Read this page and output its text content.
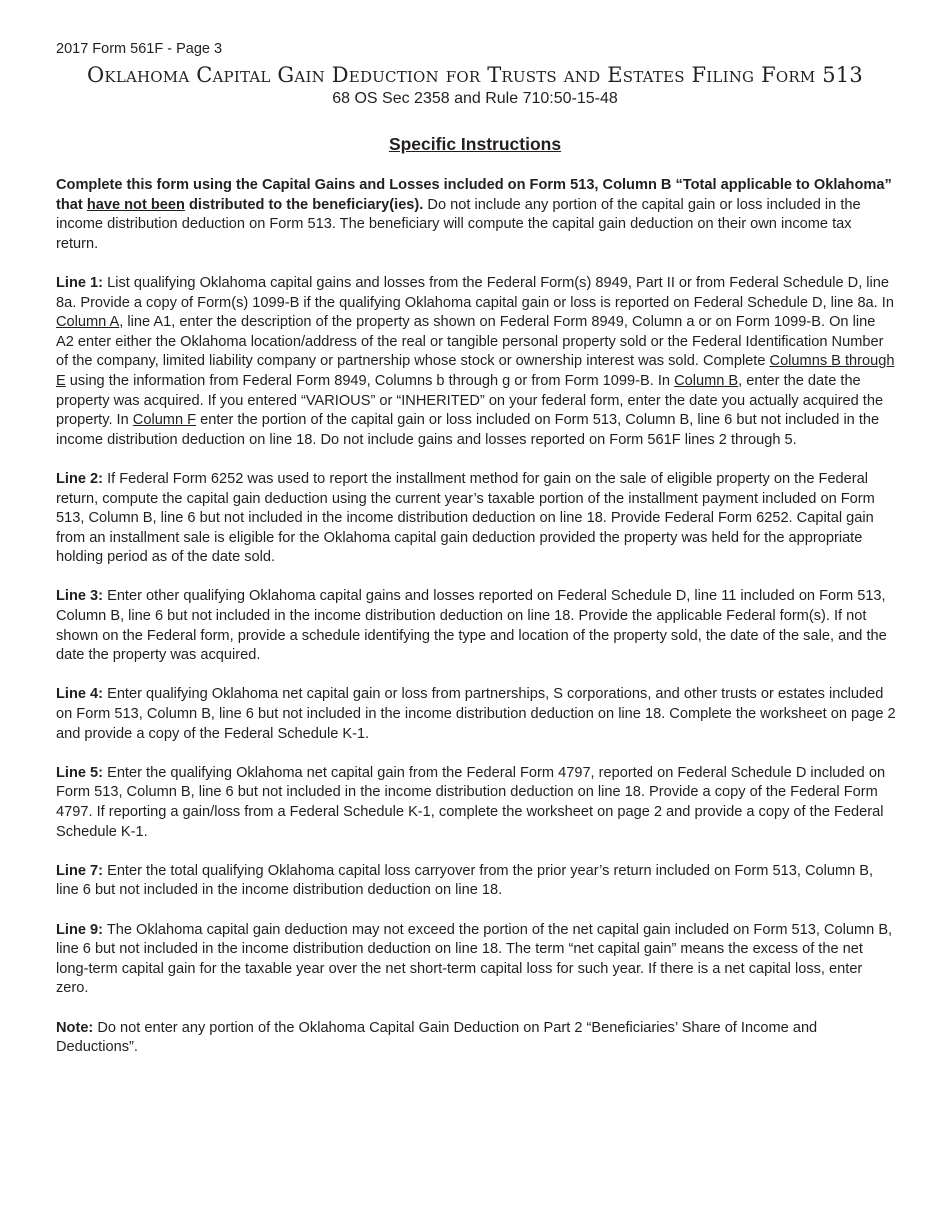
2017 Form 561F - Page 3
Oklahoma Capital Gain Deduction for Trusts and Estates Filing Form 513
68 OS Sec 2358 and Rule 710:50-15-48
Specific Instructions

Complete this form using the Capital Gains and Losses included on Form 513, Column B “Total applicable to Oklahoma” that have not been distributed to the beneficiary(ies). Do not include any portion of the capital gain or loss included in the income distribution deduction on Form 513. The beneficiary will compute the capital gain deduction on their own income tax return.

Line 1: List qualifying Oklahoma capital gains and losses from the Federal Form(s) 8949, Part II or from Federal Schedule D, line 8a. Provide a copy of Form(s) 1099-B if the qualifying Oklahoma capital gain or loss is reported on Federal Schedule D, line 8a. In Column A, line A1, enter the description of the property as shown on Federal Form 8949, Column a or on Form 1099-B. On line A2 enter either the Oklahoma location/address of the real or tangible personal property sold or the Federal Identification Number of the company, limited liability company or partnership whose stock or ownership interest was sold. Complete Columns B through E using the information from Federal Form 8949, Columns b through g or from Form 1099-B. In Column B, enter the date the property was acquired. If you entered “VARIOUS” or “INHERITED” on your federal form, enter the date you actually acquired the property. In Column F enter the portion of the capital gain or loss included on Form 513, Column B, line 6 but not included in the income distribution deduction on line 18. Do not include gains and losses reported on Form 561F lines 2 through 5.

Line 2: If Federal Form 6252 was used to report the installment method for gain on the sale of eligible property on the Federal return, compute the capital gain deduction using the current year’s taxable portion of the installment payment included on Form 513, Column B, line 6 but not included in the income distribution deduction on line 18. Provide Federal Form 6252. Capital gain from an installment sale is eligible for the Oklahoma capital gain deduction provided the property was held for the appropriate holding period as of the date sold.

Line 3: Enter other qualifying Oklahoma capital gains and losses reported on Federal Schedule D, line 11 included on Form 513, Column B, line 6 but not included in the income distribution deduction on line 18. Provide the applicable Federal form(s). If not shown on the Federal form, provide a schedule identifying the type and location of the property sold, the date of the sale, and the date the property was acquired.

Line 4: Enter qualifying Oklahoma net capital gain or loss from partnerships, S corporations, and other trusts or estates included on Form 513, Column B, line 6 but not included in the income distribution deduction on line 18. Complete the worksheet on page 2 and provide a copy of the Federal Schedule K-1.

Line 5: Enter the qualifying Oklahoma net capital gain from the Federal Form 4797, reported on Federal Schedule D included on Form 513, Column B, line 6 but not included in the income distribution deduction on line 18. Provide a copy of the Federal Form 4797. If reporting a gain/loss from a Federal Schedule K-1, complete the worksheet on page 2 and provide a copy of the Federal Schedule K-1.

Line 7: Enter the total qualifying Oklahoma capital loss carryover from the prior year’s return included on Form 513, Column B, line 6 but not included in the income distribution deduction on line 18.

Line 9: The Oklahoma capital gain deduction may not exceed the portion of the net capital gain included on Form 513, Column B, line 6 but not included in the income distribution deduction on line 18. The term “net capital gain” means the excess of the net long-term capital gain for the taxable year over the net short-term capital loss for such year. If there is a net capital loss, enter zero.

Note: Do not enter any portion of the Oklahoma Capital Gain Deduction on Part 2 “Beneficiaries’ Share of Income and Deductions”.
